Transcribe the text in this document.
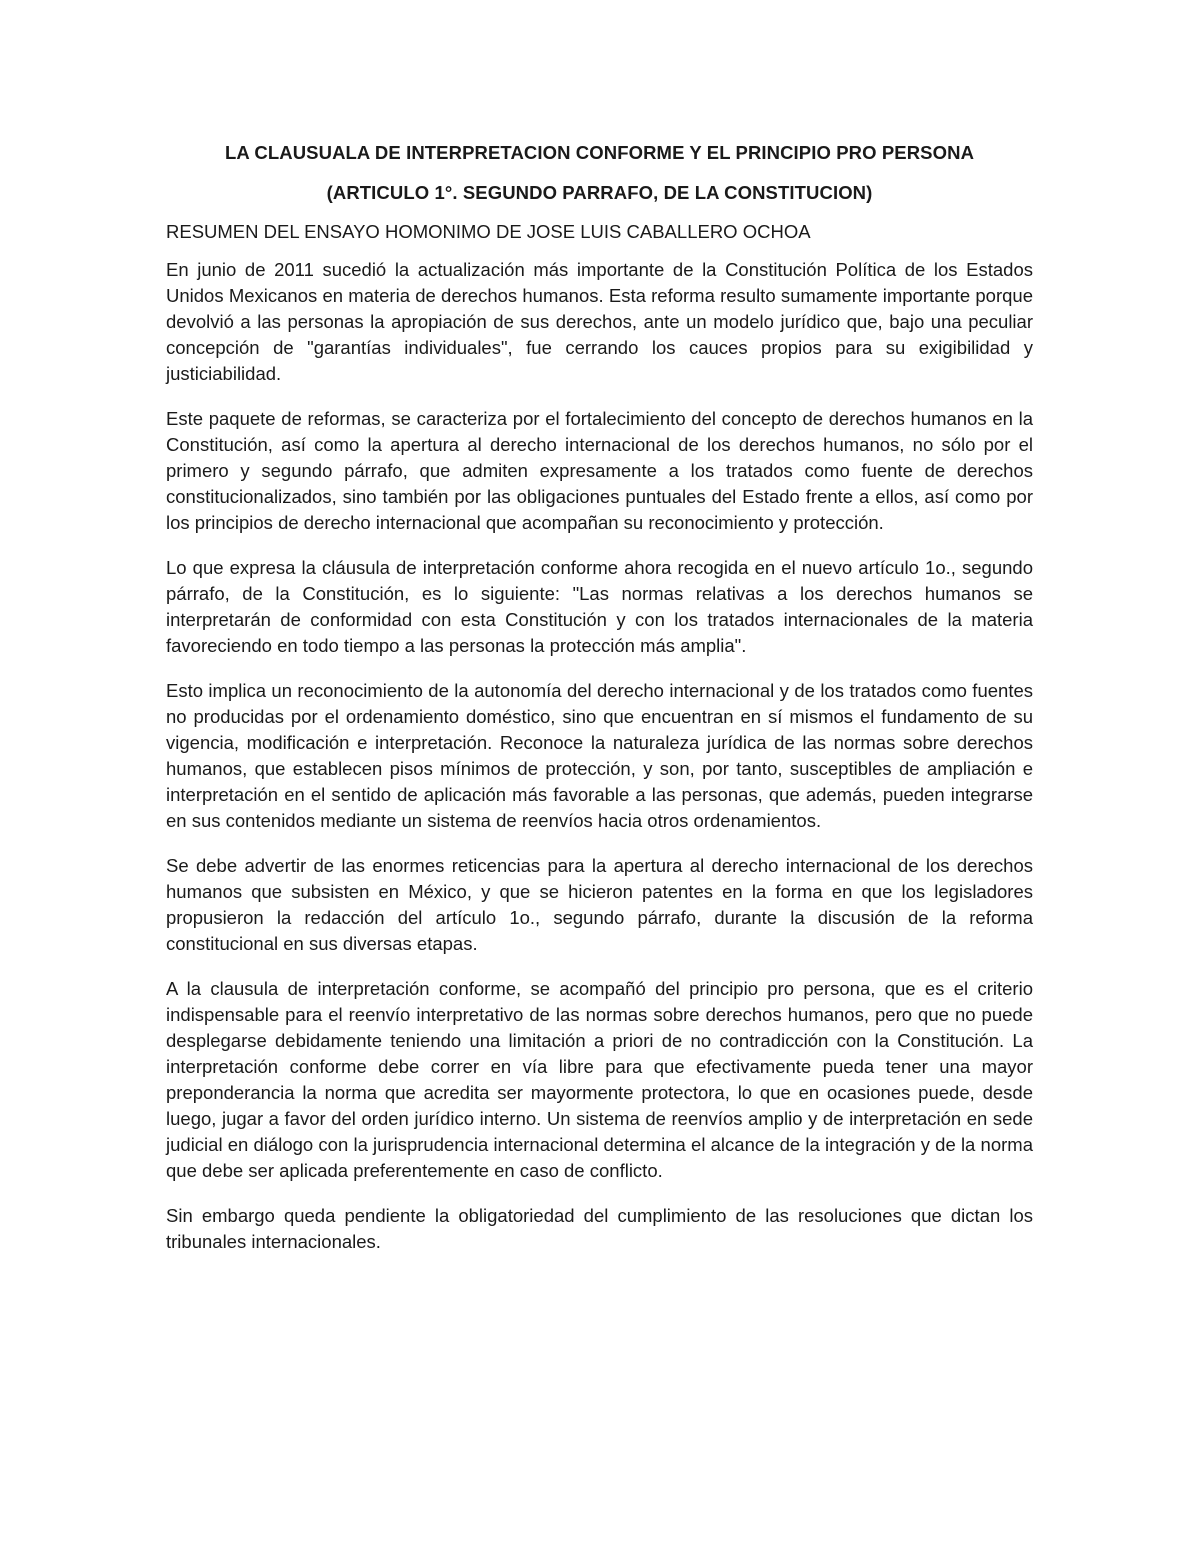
LA CLAUSUALA DE INTERPRETACION CONFORME Y EL PRINCIPIO PRO PERSONA

(ARTICULO 1°. SEGUNDO PARRAFO, DE LA CONSTITUCION)

RESUMEN DEL ENSAYO HOMONIMO DE JOSE LUIS CABALLERO OCHOA

En junio de 2011 sucedió la actualización más importante de la Constitución Política de los Estados Unidos Mexicanos en materia de derechos humanos. Esta reforma resulto sumamente importante porque devolvió a las personas la apropiación de sus derechos, ante un modelo jurídico que, bajo una peculiar concepción de "garantías individuales", fue cerrando los cauces propios para su exigibilidad y justiciabilidad.

Este paquete de reformas, se caracteriza por el fortalecimiento del concepto de derechos humanos en la Constitución, así como la apertura al derecho internacional de los derechos humanos, no sólo por el primero y segundo párrafo, que admiten expresamente a los tratados como fuente de derechos constitucionalizados, sino también por las obligaciones puntuales del Estado frente a ellos, así como por los principios de derecho internacional que acompañan su reconocimiento y protección.

Lo que expresa la cláusula de interpretación conforme ahora recogida en el nuevo artículo 1o., segundo párrafo, de la Constitución, es lo siguiente: "Las normas relativas a los derechos humanos se interpretarán de conformidad con esta Constitución y con los tratados internacionales de la materia favoreciendo en todo tiempo a las personas la protección más amplia".

Esto implica un reconocimiento de la autonomía del derecho internacional y de los tratados como fuentes no producidas por el ordenamiento doméstico, sino que encuentran en sí mismos el fundamento de su vigencia, modificación e interpretación. Reconoce la naturaleza jurídica de las normas sobre derechos humanos, que establecen pisos mínimos de protección, y son, por tanto, susceptibles de ampliación e interpretación en el sentido de aplicación más favorable a las personas, que además, pueden integrarse en sus contenidos mediante un sistema de reenvíos hacia otros ordenamientos.

Se debe advertir de las enormes reticencias para la apertura al derecho internacional de los derechos humanos que subsisten en México, y que se hicieron patentes en la forma en que los legisladores propusieron la redacción del artículo 1o., segundo párrafo, durante la discusión de la reforma constitucional en sus diversas etapas.

A la clausula de interpretación conforme, se acompañó del principio pro persona, que es el criterio indispensable para el reenvío interpretativo de las normas sobre derechos humanos, pero que no puede desplegarse debidamente teniendo una limitación a priori de no contradicción con la Constitución. La interpretación conforme debe correr en vía libre para que efectivamente pueda tener una mayor preponderancia la norma que acredita ser mayormente protectora, lo que en ocasiones puede, desde luego, jugar a favor del orden jurídico interno. Un sistema de reenvíos amplio y de interpretación en sede judicial en diálogo con la jurisprudencia internacional determina el alcance de la integración y de la norma que debe ser aplicada preferentemente en caso de conflicto.

Sin embargo queda pendiente la obligatoriedad del cumplimiento de las resoluciones que dictan los tribunales internacionales.
